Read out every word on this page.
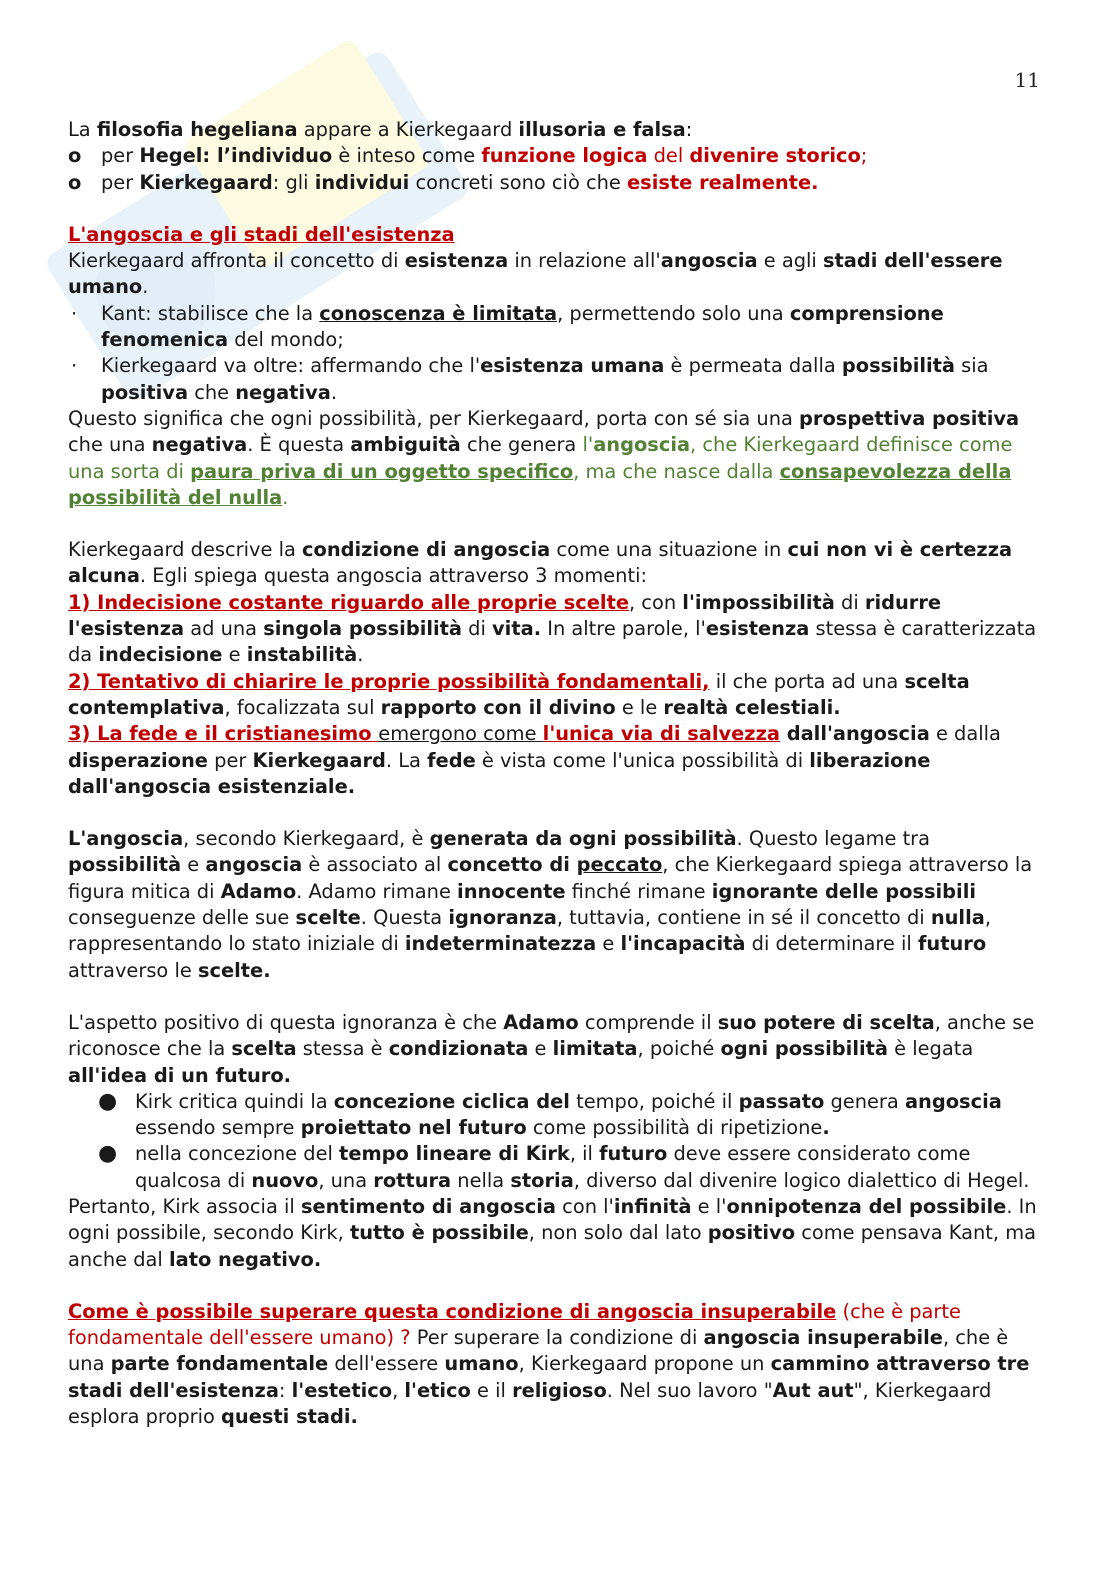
11

La filosofia hegeliana appare a Kierkegaard illusoria e falsa:

o per Hegel: l’individuo è inteso come funzione logica del divenire storico;

o per Kierkegaard: gli individui concreti sono ciò che esiste realmente.

L'angoscia e gli stadi dell'esistenza

Kierkegaard affronta il concetto di esistenza in relazione all'angoscia e agli stadi dell'essere umano.

· Kant: stabilisce che la conoscenza è limitata, permettendo solo una comprensione fenomenica del mondo;

· Kierkegaard va oltre: affermando che l'esistenza umana è permeata dalla possibilità sia positiva che negativa.

Questo significa che ogni possibilità, per Kierkegaard, porta con sé sia una prospettiva positiva che una negativa. È questa ambiguità che genera l'angoscia, che Kierkegaard definisce come una sorta di paura priva di un oggetto specifico, ma che nasce dalla consapevolezza della possibilità del nulla.

Kierkegaard descrive la condizione di angoscia come una situazione in cui non vi è certezza alcuna. Egli spiega questa angoscia attraverso 3 momenti:

1) Indecisione costante riguardo alle proprie scelte, con l'impossibilità di ridurre l'esistenza ad una singola possibilità di vita. In altre parole, l'esistenza stessa è caratterizzata da indecisione e instabilità.

2) Tentativo di chiarire le proprie possibilità fondamentali, il che porta ad una scelta contemplativa, focalizzata sul rapporto con il divino e le realtà celestiali.

3) La fede e il cristianesimo emergono come l'unica via di salvezza dall'angoscia e dalla disperazione per Kierkegaard. La fede è vista come l'unica possibilità di liberazione dall'angoscia esistenziale.

L'angoscia, secondo Kierkegaard, è generata da ogni possibilità. Questo legame tra possibilità e angoscia è associato al concetto di peccato, che Kierkegaard spiega attraverso la figura mitica di Adamo. Adamo rimane innocente finché rimane ignorante delle possibili conseguenze delle sue scelte. Questa ignoranza, tuttavia, contiene in sé il concetto di nulla, rappresentando lo stato iniziale di indeterminatezza e l'incapacità di determinare il futuro attraverso le scelte.

L'aspetto positivo di questa ignoranza è che Adamo comprende il suo potere di scelta, anche se riconosce che la scelta stessa è condizionata e limitata, poiché ogni possibilità è legata all'idea di un futuro.

● Kirk critica quindi la concezione ciclica del tempo, poiché il passato genera angoscia essendo sempre proiettato nel futuro come possibilità di ripetizione.

● nella concezione del tempo lineare di Kirk, il futuro deve essere considerato come qualcosa di nuovo, una rottura nella storia, diverso dal divenire logico dialettico di Hegel.

Pertanto, Kirk associa il sentimento di angoscia con l'infinità e l'onnipotenza del possibile. In ogni possibile, secondo Kirk, tutto è possibile, non solo dal lato positivo come pensava Kant, ma anche dal lato negativo.

Come è possibile superare questa condizione di angoscia insuperabile (che è parte fondamentale dell'essere umano) ? Per superare la condizione di angoscia insuperabile, che è una parte fondamentale dell'essere umano, Kierkegaard propone un cammino attraverso tre stadi dell'esistenza: l'estetico, l'etico e il religioso. Nel suo lavoro "Aut aut", Kierkegaard esplora proprio questi stadi.
